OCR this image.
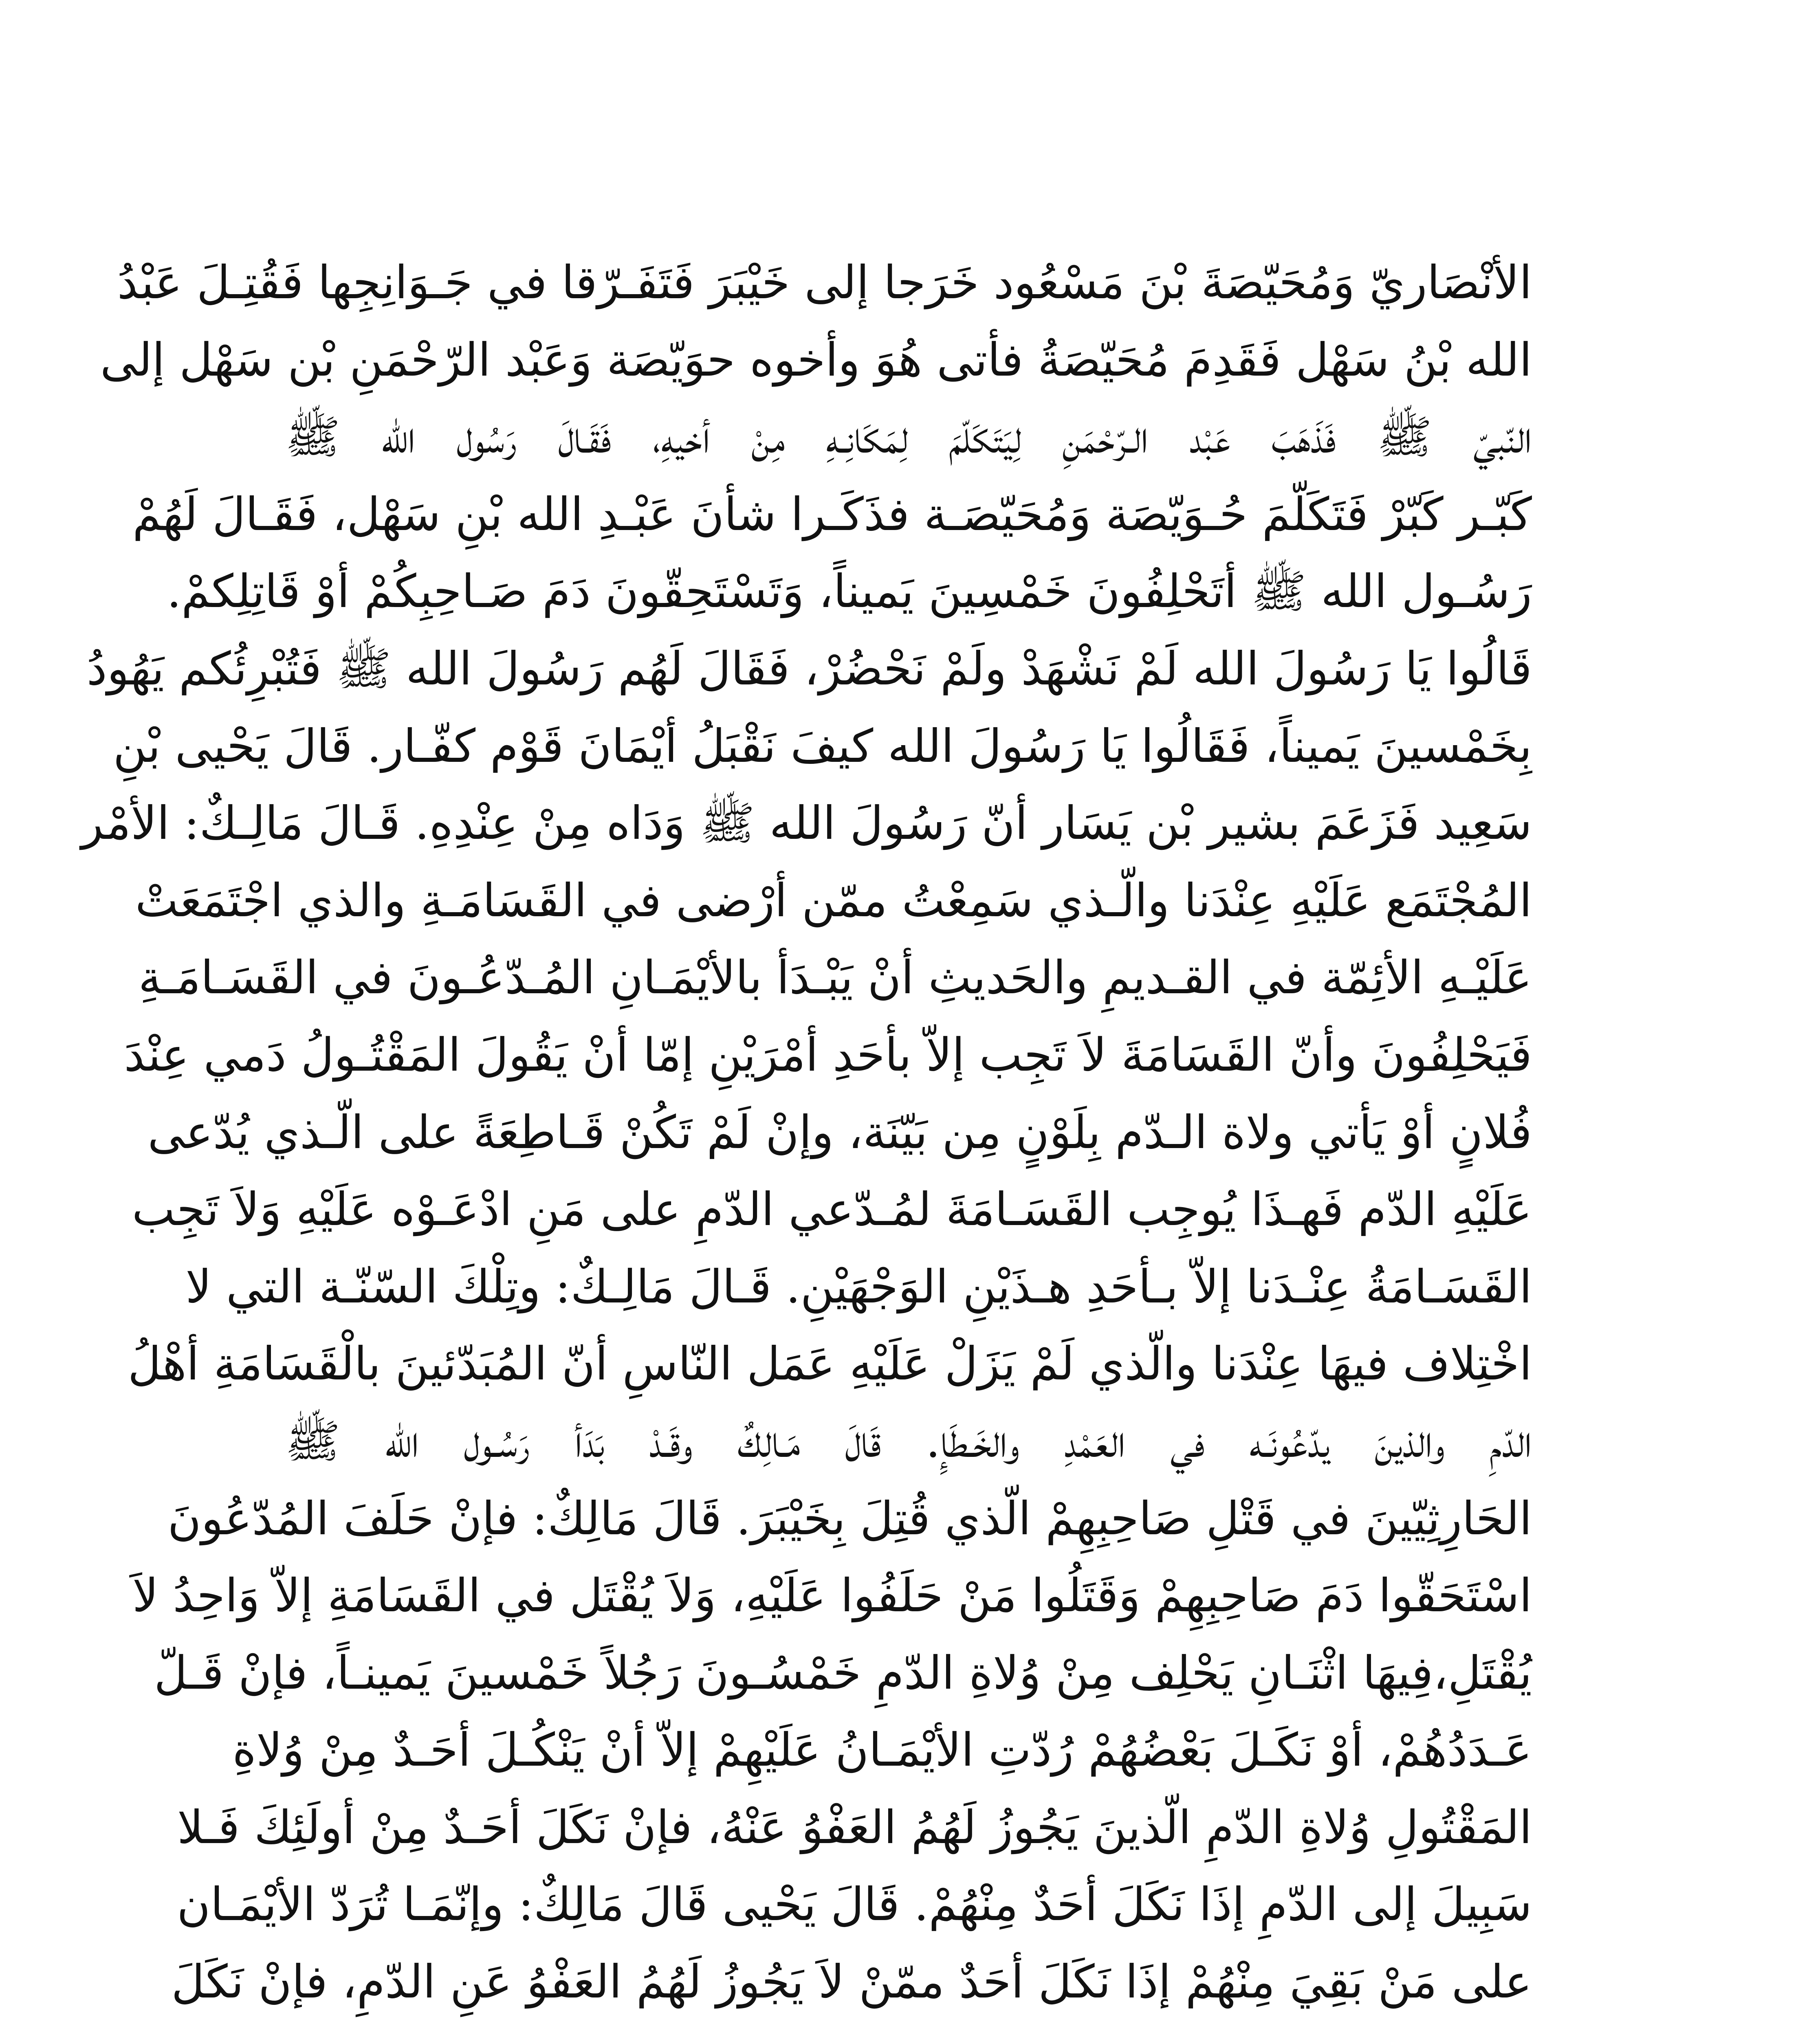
الأنْصَاريّ وَمُحَيّصَةَ بْنَ مَسْعُود خَرَجا إلى خَيْبَرَ فَتَفَـرّقا في جَـوَانِجِها فَقُتِـلَ عَبْدُ
الله بْنُ سَهْل فَقَدِمَ مُحَيّصَةُ فأتى هُوَ وأخوه حوَيّصَة وَعَبْد الرّحْمَنِ بْن سَهْل إلى
النّبيّ ﷺ فَذَهَبَ عَبْد الـرّحْمَنِ لِيَتَكَلّمَ لِمَكَانِـهِ مِنْ أخيهِ، فَقَـالَ رَسُول الله ﷺ
كَبّـر كَبّرْ فَتَكَلّمَ حُـوَيّصَة وَمُحَيّصَـة فذَكَـرا شأنَ عَبْـدِ الله بْنِ سَهْل، فَقَـالَ لَهُمْ
رَسُـول الله ﷺ أتَحْلِفُونَ خَمْسِينَ يَميناً، وَتَسْتَحِقّونَ دَمَ صَـاحِبِكُمْ أوْ قَاتِلِكمْ.
قَالُوا يَا رَسُولَ الله لَمْ نَشْهَدْ ولَمْ نَحْضُرْ، فَقَالَ لَهُم رَسُولَ الله ﷺ فَتُبْرِئُكم يَهُودُ
بِخَمْسينَ يَميناً، فَقَالُوا يَا رَسُولَ الله كيفَ نَقْبَلُ أيْمَانَ قَوْم كفّـار. قَالَ يَحْيى بْنِ
سَعِيد فَزَعَمَ بشير بْن يَسَار أنّ رَسُولَ الله ﷺ وَدَاه مِنْ عِنْدِهِ. قَـالَ مَالِـكٌ: الأمْر
المُجْتَمَع عَلَيْهِ عِنْدَنا والّـذي سَمِعْتُ ممّن أرْضى في القَسَامَـةِ والذي اجْتَمَعَتْ
عَلَيْـهِ الأئِمّة في القـديمِ والحَديثِ أنْ يَبْـدَأ بالأيْمَـانِ المُـدّعُـونَ في القَسَـامَـةِ
فَيَحْلِفُونَ وأنّ القَسَامَةَ لاَ تَجِب إلاّ بأحَدِ أمْرَيْنِ إمّا أنْ يَقُولَ المَقْتُـولُ دَمي عِنْدَ
فُلانٍ أوْ يَأتي ولاة الـدّم بِلَوْنٍ مِن بَيّنَة، وإنْ لَمْ تَكُنْ قَـاطِعَةً على الّـذي يُدّعى
عَلَيْهِ الدّم فَهـذَا يُوجِب القَسَـامَةَ لمُـدّعي الدّمِ على مَنِ ادْعَـوْه عَلَيْهِ وَلاَ تَجِب
القَسَـامَةُ عِنْـدَنا إلاّ بـأحَدِ هـذَيْنِ الوَجْهَيْنِ. قَـالَ مَالِـكٌ: وتِلْكَ السّنّـة التي لا
اخْتِلاف فيهَا عِنْدَنا والّذي لَمْ يَزَلْ عَلَيْهِ عَمَل النّاسِ أنّ المُبَدّئينَ بالْقَسَامَةِ أهْلُ
الدّمِ والذينَ يدّعُونَـه في العَمْدِ والخَـطَإِ. قَالَ مَـالِكٌ وقَـدْ بَدَأ رَسُـول الله ﷺ
الحَارِثِيّينَ في قَتْلِ صَاحِبِهِمْ الّذي قُتِلَ بِخَيْبَرَ. قَالَ مَالِكٌ: فإنْ حَلَفَ المُدّعُونَ
اسْتَحَقّوا دَمَ صَاحِبِهِمْ وَقَتَلُوا مَنْ حَلَفُوا عَلَيْهِ، وَلاَ يُقْتَل في القَسَامَةِ إلاّ وَاحِدُ لاَ
يُقْتَلِ،فِيهَا اثْنَـانِ يَحْلِف مِنْ وُلاةِ الدّمِ خَمْسُـونَ رَجُلاً خَمْسينَ يَمينـاً، فإنْ قَـلّ
عَـدَدُهُمْ، أوْ نَكَـلَ بَعْضُهُمْ رُدّتِ الأيْمَـانُ عَلَيْهِمْ إلاّ أنْ يَنْكُـلَ أحَـدٌ مِنْ وُلاةِ
المَقْتُولِ وُلاةِ الدّمِ الّذينَ يَجُوزُ لَهُمُ العَفْوُ عَنْهُ، فإنْ نَكَلَ أحَـدٌ مِنْ أولَئِكَ فَـلا
سَبِيلَ إلى الدّمِ إذَا نَكَلَ أحَدٌ مِنْهُمْ. قَالَ يَحْيى قَالَ مَالِكٌ: وإنّمَـا تُرَدّ الأيْمَـان
على مَنْ بَقِيَ مِنْهُمْ إذَا نَكَلَ أحَدٌ ممّنْ لاَ يَجُوزُ لَهُمُ العَفْوُ عَنِ الدّمِ، فإنْ نَكَلَ
